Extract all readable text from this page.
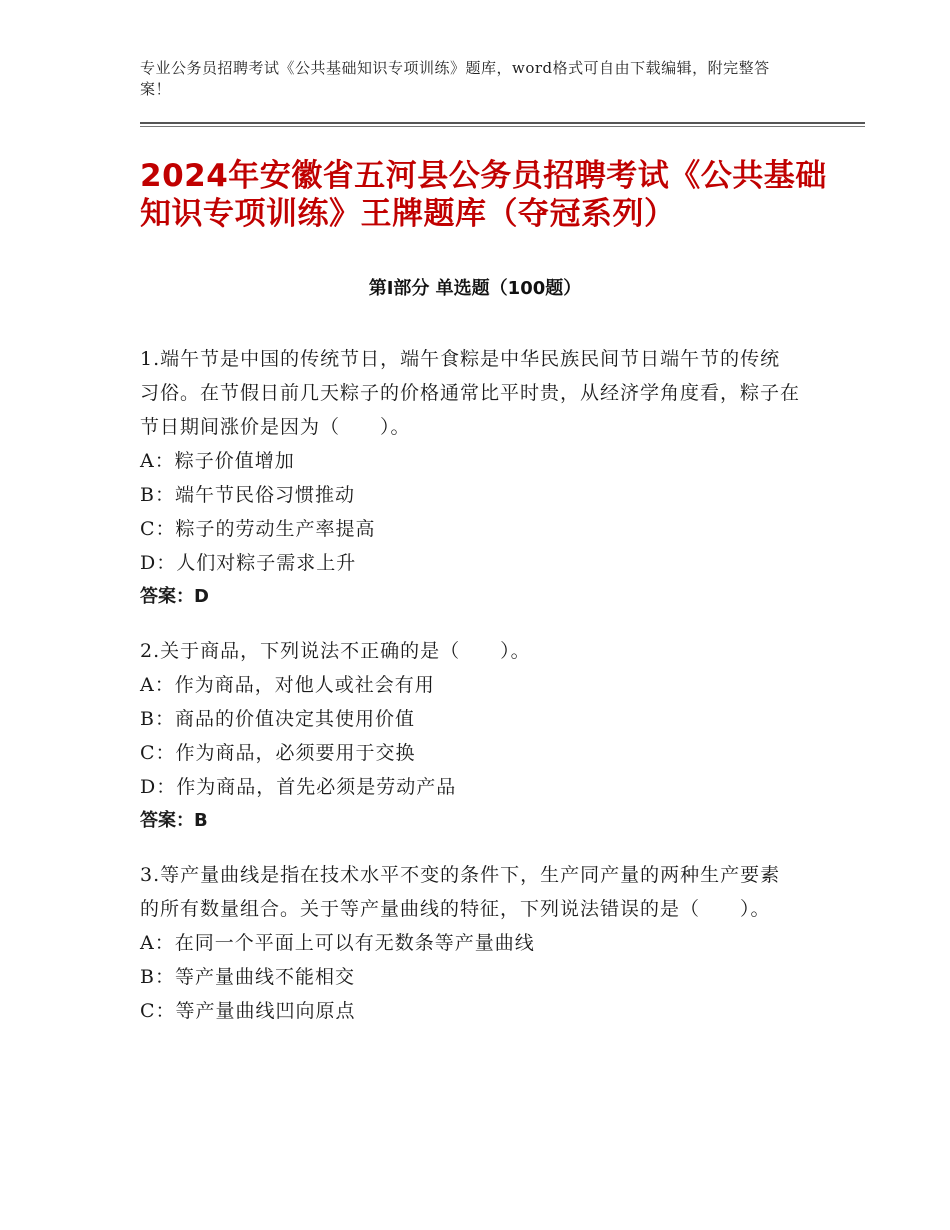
专业公务员招聘考试《公共基础知识专项训练》题库，word格式可自由下载编辑，附完整答案！
2024年安徽省五河县公务员招聘考试《公共基础知识专项训练》王牌题库（夺冠系列）
第Ⅰ部分 单选题（100题）
1.端午节是中国的传统节日，端午食粽是中华民族民间节日端午节的传统习俗。在节假日前几天粽子的价格通常比平时贵，从经济学角度看，粽子在节日期间涨价是因为（　　）。
A：粽子价值增加
B：端午节民俗习惯推动
C：粽子的劳动生产率提高
D：人们对粽子需求上升
答案：D
2.关于商品，下列说法不正确的是（　　）。
A：作为商品，对他人或社会有用
B：商品的价值决定其使用价值
C：作为商品，必须要用于交换
D：作为商品，首先必须是劳动产品
答案：B
3.等产量曲线是指在技术水平不变的条件下，生产同产量的两种生产要素的所有数量组合。关于等产量曲线的特征，下列说法错误的是（　　）。
A：在同一个平面上可以有无数条等产量曲线
B：等产量曲线不能相交
C：等产量曲线凹向原点
